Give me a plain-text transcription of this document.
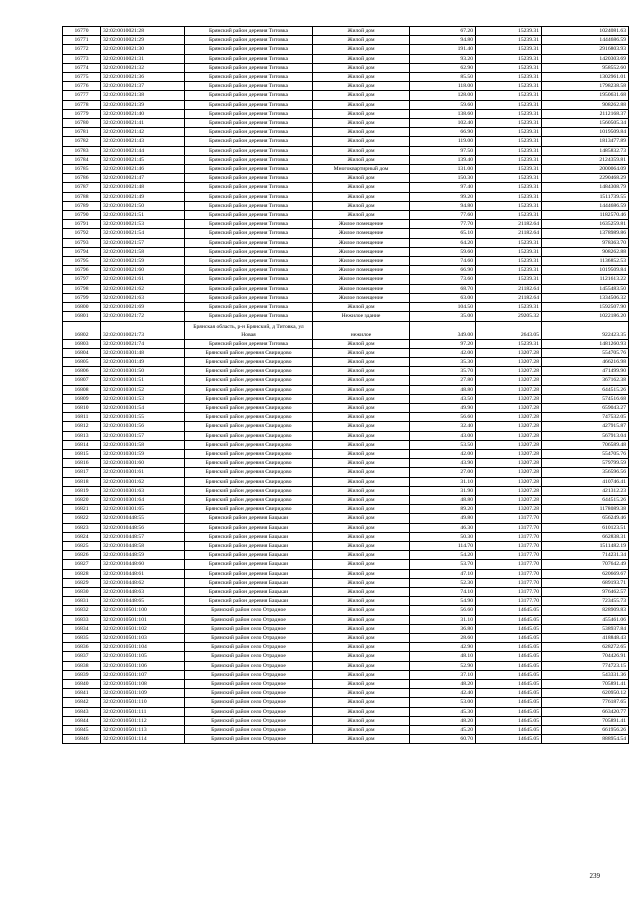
16770	32:02:0010021:28	Брянский район деревня Титовка	Жилой дом	67.20	15239.31	1024081.63
16771	32:02:0010021:29	Брянский район деревня Титовка	Жилой дом	94.80	15239.31	1444686.59
16772	32:02:0010021:30	Брянский район деревня Титовка	Жилой дом	191.40	15239.31	2916803.93
16773	32:02:0010021:31	Брянский район деревня Титовка	Жилой дом	93.20	15239.31	1420303.69
16774	32:02:0010021:32	Брянский район деревня Титовка	Жилой дом	62.90	15239.31	958552.60
16775	32:02:0010021:36	Брянский район деревня Титовка	Жилой дом	85.50	15239.31	1302961.01
16776	32:02:0010021:37	Брянский район деревня Титовка	Жилой дом	118.00	15239.31	1798238.58
16777	32:02:0010021:38	Брянский район деревня Титовка	Жилой дом	128.00	15239.31	1950631.68
16778	32:02:0010021:39	Брянский район деревня Титовка	Жилой дом	59.60	15239.31	908262.88
16779	32:02:0010021:40	Брянский район деревня Титовка	Жилой дом	138.60	15239.31	2112168.37
16780	32:02:0010021:41	Брянский район деревня Титовка	Жилой дом	102.40	15239.31	1560505.34
16781	32:02:0010021:42	Брянский район деревня Титовка	Жилой дом	66.90	15239.31	1019509.84
16782	32:02:0010021:43	Брянский район деревня Титовка	Жилой дом	119.00	15239.31	1813477.89
16783	32:02:0010021:44	Брянский район деревня Титовка	Жилой дом	97.50	15239.31	1485832.73
16784	32:02:0010021:45	Брянский район деревня Титовка	Жилой дом	139.40	15239.31	2124359.81
16785	32:02:0010021:46	Брянский район деревня Титовка	Многоквартирный дом	131.00	15239.31	2000064.09
16786	32:02:0010021:47	Брянский район деревня Титовка	Жилой дом	150.30	15239.31	2290468.29
16787	32:02:0010021:48	Брянский район деревня Титовка	Жилой дом	97.40	15239.31	1484308.79
16788	32:02:0010021:49	Брянский район деревня Титовка	Жилой дом	99.20	15239.31	1511739.55
16789	32:02:0010021:50	Брянский район деревня Титовка	Жилой дом	94.80	15239.31	1444686.59
16790	32:02:0010021:51	Брянский район деревня Титовка	Жилой дом	77.60	15239.31	1182570.46
16791	32:02:0010021:53	Брянский район деревня Титовка	Жилое помещение	77.70	21182.64	1635259.81
16792	32:02:0010021:54	Брянский район деревня Титовка	Жилое помещение	65.10	21182.64	1378989.86
16793	32:02:0010021:57	Брянский район деревня Титовка	Жилое помещение	64.20	15239.31	978363.70
16794	32:02:0010021:58	Брянский район деревня Титовка	Жилое помещение	59.60	15239.31	908262.88
16795	32:02:0010021:59	Брянский район деревня Титовка	Жилое помещение	74.60	15239.31	1136852.53
16796	32:02:0010021:60	Брянский район деревня Титовка	Жилое помещение	66.90	15239.31	1019509.84
16797	32:02:0010021:61	Брянский район деревня Титовка	Жилое помещение	73.60	15239.31	1121613.22
16798	32:02:0010021:62	Брянский район деревня Титовка	Жилое помещение	68.70	21182.64	1455483.50
16799	32:02:0010021:63	Брянский район деревня Титовка	Жилое помещение	63.00	21182.64	1334506.32
16800	32:02:0010021:69	Брянский район деревня Титовка	Жилой дом	104.50	15239.31	1592507.90
16801	32:02:0010021:72	Брянский район деревня Титовка	Нежилое здание	35.00	29205.32	1022186.20
16802	32:02:0010021:73	Брянская область, р-н Брянский, д Титовка, ул Новая	нежилое	349.00	2643.05	922423.35
16803	32:02:0010021:74	Брянский район деревня Титовка	Жилой дом	97.20	15239.31	1481260.93
16804	32:02:0010301:48	Брянский район деревня Свиридово	Жилой дом	42.00	13207.28	554705.76
16805	32:02:0010301:49	Брянский район деревня Свиридово	Жилой дом	35.30	13207.28	466216.98
16806	32:02:0010301:50	Брянский район деревня Свиридово	Жилой дом	35.70	13207.28	471499.90
16807	32:02:0010301:51	Брянский район деревня Свиридово	Жилой дом	27.80	13207.28	367162.38
16808	32:02:0010301:52	Брянский район деревня Свиридово	Жилой дом	48.80	13207.28	644515.26
16809	32:02:0010301:53	Брянский район деревня Свиридово	Жилой дом	43.50	13207.28	574516.68
16810	32:02:0010301:54	Брянский район деревня Свиридово	Жилой дом	49.90	13207.28	659043.27
16811	32:02:0010301:55	Брянский район деревня Свиридово	Жилой дом	56.60	13207.28	747532.05
16812	32:02:0010301:56	Брянский район деревня Свиридово	Жилой дом	32.40	13207.28	427915.87
16813	32:02:0010301:57	Брянский район деревня Свиридово	Жилой дом	43.00	13207.28	567913.04
16814	32:02:0010301:58	Брянский район деревня Свиридово	Жилой дом	53.50	13207.28	706589.48
16815	32:02:0010301:59	Брянский район деревня Свиридово	Жилой дом	42.00	13207.28	554705.76
16816	32:02:0010301:60	Брянский район деревня Свиридово	Жилой дом	43.90	13207.28	579799.59
16817	32:02:0010301:61	Брянский район деревня Свиридово	Жилой дом	27.00	13207.28	356596.56
16818	32:02:0010301:62	Брянский район деревня Свиридово	Жилой дом	31.10	13207.28	410746.41
16819	32:02:0010301:63	Брянский район деревня Свиридово	Жилой дом	31.90	13207.28	421312.23
16820	32:02:0010301:64	Брянский район деревня Свиридово	Жилой дом	48.80	13207.28	644515.26
16821	32:02:0010301:65	Брянский район деревня Свиридово	Жилой дом	89.20	13207.28	1178089.38
16822	32:02:0010448:55	Брянский район деревня Бацькаи	Жилой дом	49.80	13177.70	656249.46
16823	32:02:0010448:56	Брянский район деревня Бацькаи	Жилой дом	46.30	13177.70	610123.51
16824	32:02:0010448:57	Брянский район деревня Бацькаи	Жилой дом	50.30	13177.70	662838.31
16825	32:02:0010448:58	Брянский район деревня Бацькаи	Жилой дом	114.70	13177.70	1511482.19
16826	32:02:0010448:59	Брянский район деревня Бацькаи	Жилой дом	54.20	13177.70	714231.34
16827	32:02:0010448:60	Брянский район деревня Бацькаи	Жилой дом	53.70	13177.70	707642.49
16828	32:02:0010448:61	Брянский район деревня Бацькаи	Жилой дом	47.10	13177.70	620669.67
16829	32:02:0010448:62	Брянский район деревня Бацькаи	Жилой дом	52.30	13177.70	689193.71
16830	32:02:0010448:63	Брянский район деревня Бацькаи	Жилой дом	74.10	13177.70	976462.57
16831	32:02:0010448:65	Брянский район деревня Бацькаи	Жилой дом	54.90	13177.70	723455.73
16832	32:02:0010501:100	Брянский район село Отрадное	Жилой дом	56.60	14645.05	828909.83
16833	32:02:0010501:101	Брянский район село Отрадное	Жилой дом	31.10	14645.05	455461.06
16834	32:02:0010501:102	Брянский район село Отрадное	Жилой дом	36.80	14645.05	538937.84
16835	32:02:0010501:103	Брянский район село Отрадное	Жилой дом	28.60	14645.05	418848.43
16836	32:02:0010501:104	Брянский район село Отрадное	Жилой дом	42.90	14645.05	628272.65
16837	32:02:0010501:105	Брянский район село Отрадное	Жилой дом	48.10	14645.05	704426.91
16838	32:02:0010501:106	Брянский район село Отрадное	Жилой дом	52.90	14645.05	774723.15
16839	32:02:0010501:107	Брянский район село Отрадное	Жилой дом	37.10	14645.05	543331.36
16840	32:02:0010501:108	Брянский район село Отрадное	Жилой дом	48.20	14645.05	705891.41
16841	32:02:0010501:109	Брянский район село Отрадное	Жилой дом	42.40	14645.05	620950.12
16842	32:02:0010501:110	Брянский район село Отрадное	Жилой дом	53.00	14645.05	776187.65
16843	32:02:0010501:111	Брянский район село Отрадное	Жилой дом	45.30	14645.05	663420.77
16844	32:02:0010501:112	Брянский район село Отрадное	Жилой дом	48.20	14645.05	705891.41
16845	32:02:0010501:113	Брянский район село Отрадное	Жилой дом	45.20	14645.05	661956.26
16846	32:02:0010501:114	Брянский район село Отрадное	Жилой дом	60.70	14645.05	888954.54
239
